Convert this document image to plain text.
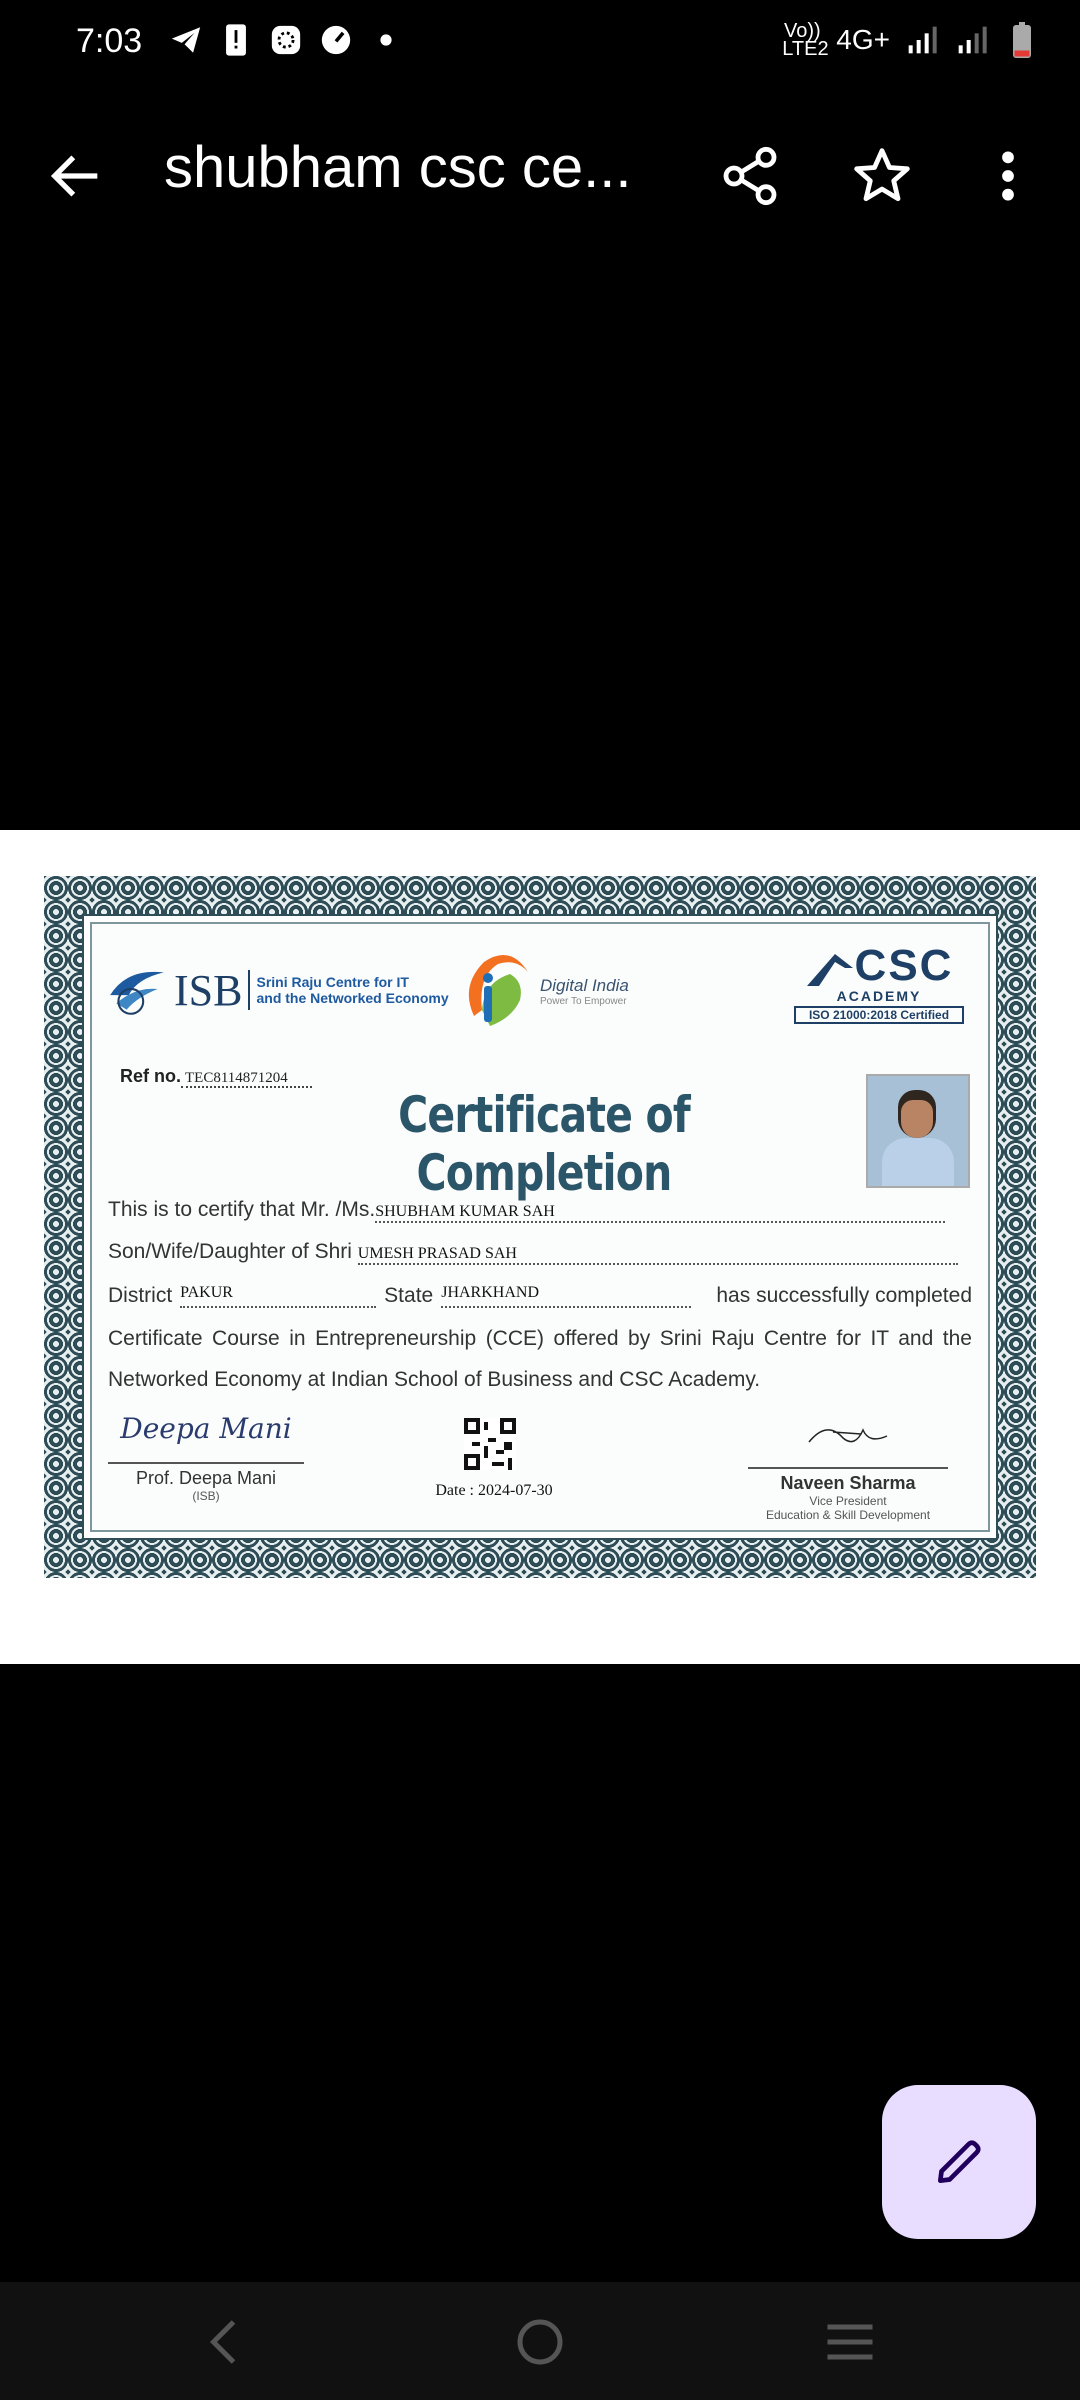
7:03	Vo)) LTE2 4G+
shubham csc ce...
ISB Srini Raju Centre for IT
and the Networked Economy
Digital India
Power To Empower
CSC
ACADEMY
ISO 21000:2018 Certified
Ref no. TEC8114871204
Certificate of Completion
This is to certify that Mr. /Ms.SHUBHAM KUMAR SAH
Son/Wife/Daughter of Shri UMESH PRASAD SAH
District PAKUR	State JHARKHAND	has successfully completed
Certificate Course in Entrepreneurship (CCE) offered by Srini Raju Centre for IT and the
Networked Economy at Indian School of Business and CSC Academy.
Deepa Mani
Prof. Deepa Mani
(ISB)	Date : 2024-07-30	Naveen Sharma
Vice President
Education & Skill Development
